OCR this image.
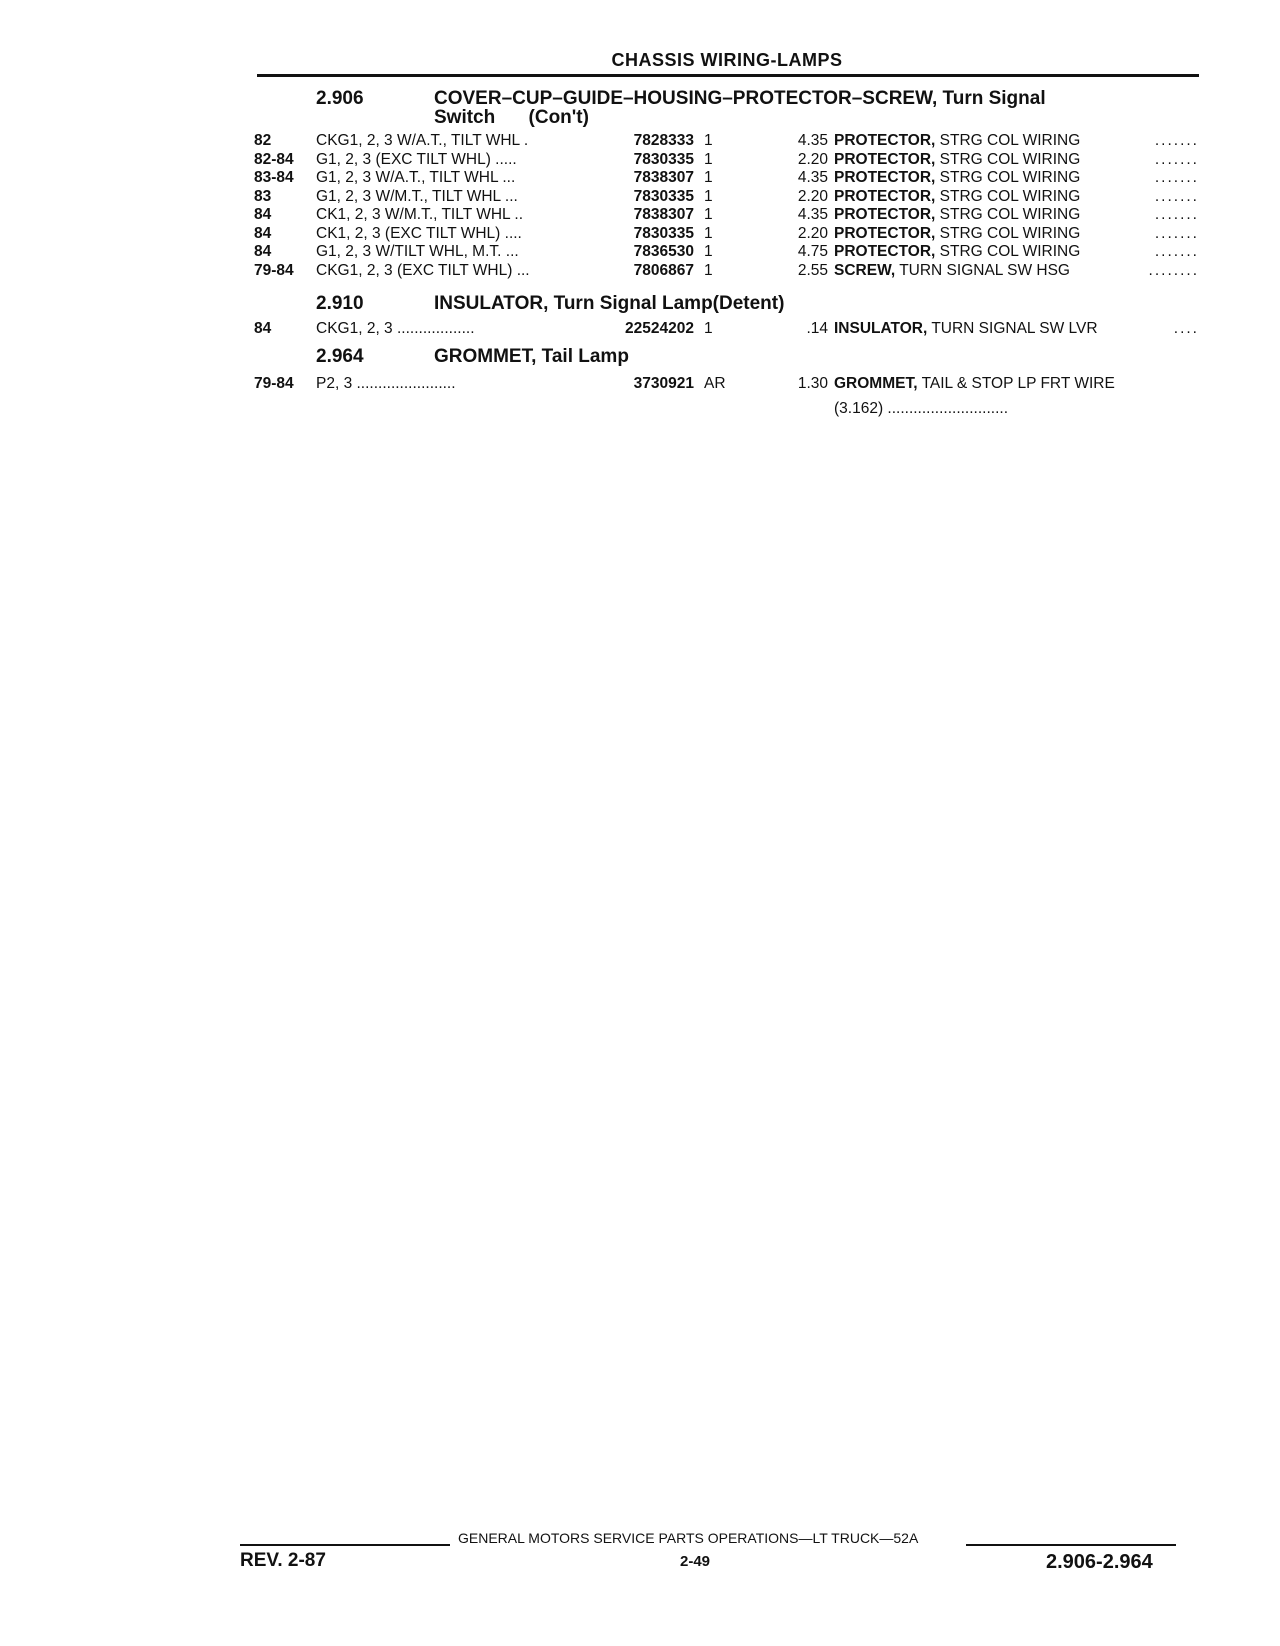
CHASSIS WIRING-LAMPS
2.906	COVER–CUP–GUIDE–HOUSING–PROTECTOR–SCREW, Turn Signal
Switch (Con't)
82	CKG1, 2, 3 W/A.T., TILT WHL .	7828333 1	4.35 PROTECTOR, STRG COL WIRING	.......
82-84 G1, 2, 3 (EXC TILT WHL) .....	7830335 1	2.20 PROTECTOR, STRG COL WIRING	.......
83-84 G1, 2, 3 W/A.T., TILT WHL ...	7838307 1	4.35 PROTECTOR, STRG COL WIRING	.......
83	G1, 2, 3 W/M.T., TILT WHL ...	7830335 1	2.20 PROTECTOR, STRG COL WIRING	.......
84	CK1, 2, 3 W/M.T., TILT WHL ..	7838307 1	4.35 PROTECTOR, STRG COL WIRING	.......
84	CK1, 2, 3 (EXC TILT WHL) ....	7830335 1	2.20 PROTECTOR, STRG COL WIRING	.......
84	G1, 2, 3 W/TILT WHL, M.T. ...	7836530 1	4.75 PROTECTOR, STRG COL WIRING	.......
79-84 CKG1, 2, 3 (EXC TILT WHL) ...	7806867 1	2.55 SCREW, TURN SIGNAL SW HSG	........
2.910	INSULATOR, Turn Signal Lamp(Detent)
84	CKG1, 2, 3 ..................	22524202 1	.14 INSULATOR, TURN SIGNAL SW LVR	....
2.964	GROMMET, Tail Lamp
79-84 P2, 3 .......................	3730921 AR	1.30 GROMMET, TAIL & STOP LP FRT WIRE
(3.162) ............................
GENERAL MOTORS SERVICE PARTS OPERATIONS—LT TRUCK—52A
REV. 2-87	2-49	2.906-2.964
